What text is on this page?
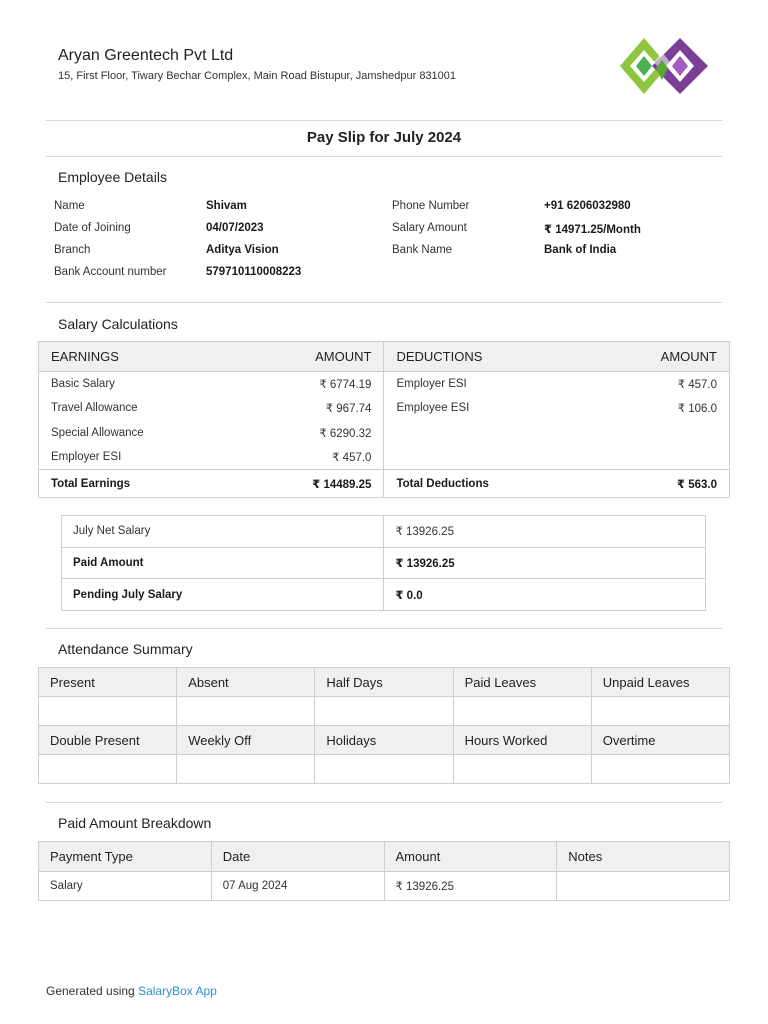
Aryan Greentech Pvt Ltd
15, First Floor, Tiwary Bechar Complex, Main Road Bistupur, Jamshedpur 831001
Pay Slip for July 2024
Employee Details
Name	Shivam
Date of Joining	04/07/2023
Branch	Aditya Vision
Bank Account number	579710110008223
Phone Number	+91 6206032980
Salary Amount	₹ 14971.25/Month
Bank Name	Bank of India
Salary Calculations
EARNINGS	AMOUNT	DEDUCTIONS	AMOUNT
Basic Salary	₹ 6774.19	Employer ESI	₹ 457.0
Travel Allowance	₹ 967.74	Employee ESI	₹ 106.0
Special Allowance	₹ 6290.32		
Employer ESI	₹ 457.0		
Total Earnings	₹ 14489.25	Total Deductions	₹ 563.0
July Net Salary	₹ 13926.25
Paid Amount	₹ 13926.25
Pending July Salary	₹ 0.0
Attendance Summary
Present	Absent	Half Days	Paid Leaves	Unpaid Leaves

Double Present	Weekly Off	Holidays	Hours Worked	Overtime

Paid Amount Breakdown
Payment Type	Date	Amount	Notes
Salary	07 Aug 2024	₹ 13926.25	
Generated using SalaryBox App
